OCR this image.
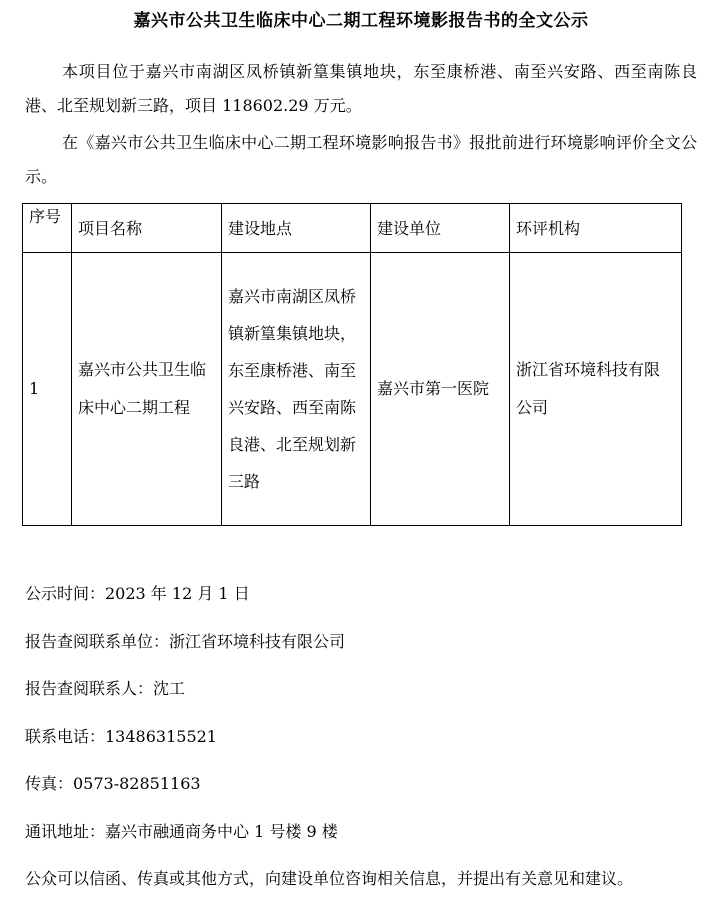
嘉兴市公共卫生临床中心二期工程环境影报告书的全文公示

本项目位于嘉兴市南湖区凤桥镇新篁集镇地块，东至康桥港、南至兴安路、西至南陈良港、北至规划新三路，项目 118602.29 万元。

在《嘉兴市公共卫生临床中心二期工程环境影响报告书》报批前进行环境影响评价全文公示。

序号	项目名称	建设地点	建设单位	环评机构
1	嘉兴市公共卫生临床中心二期工程	嘉兴市南湖区凤桥镇新篁集镇地块，东至康桥港、南至兴安路、西至南陈良港、北至规划新三路	嘉兴市第一医院	浙江省环境科技有限公司
公示时间：2023 年 12 月 1 日
报告查阅联系单位：浙江省环境科技有限公司
报告查阅联系人：沈工
联系电话：13486315521
传真：0573-82851163
通讯地址：嘉兴市融通商务中心 1 号楼 9 楼
公众可以信函、传真或其他方式，向建设单位咨询相关信息，并提出有关意见和建议。
